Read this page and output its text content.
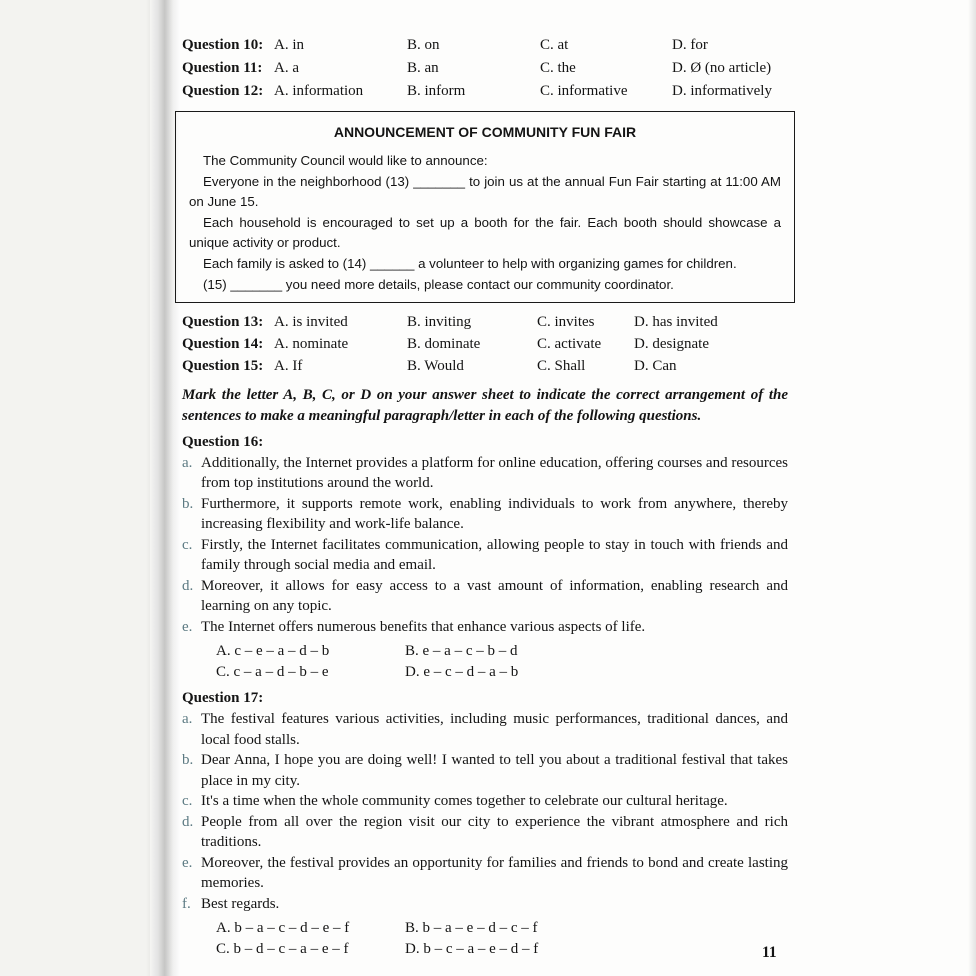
Question 10: A. in	B. on	C. at	D. for
Question 11: A. a	B. an	C. the	D. Ø (no article)
Question 12: A. information	B. inform	C. informative	D. informatively
ANNOUNCEMENT OF COMMUNITY FUN FAIR

The Community Council would like to announce:

Everyone in the neighborhood (13) _______ to join us at the annual Fun Fair starting at 11:00 AM on June 15.

Each household is encouraged to set up a booth for the fair. Each booth should showcase a unique activity or product.

Each family is asked to (14) ______ a volunteer to help with organizing games for children.

(15) _______ you need more details, please contact our community coordinator.

Question 13: A. is invited	B. inviting	C. invites	D. has invited
Question 14: A. nominate	B. dominate	C. activate	D. designate
Question 15: A. If	B. Would	C. Shall	D. Can
Mark the letter A, B, C, or D on your answer sheet to indicate the correct arrangement of the sentences to make a meaningful paragraph/letter in each of the following questions.
Question 16:
a. Additionally, the Internet provides a platform for online education, offering courses and resources from top institutions around the world.
b. Furthermore, it supports remote work, enabling individuals to work from anywhere, thereby increasing flexibility and work-life balance.
c. Firstly, the Internet facilitates communication, allowing people to stay in touch with friends and family through social media and email.
d. Moreover, it allows for easy access to a vast amount of information, enabling research and learning on any topic.
e. The Internet offers numerous benefits that enhance various aspects of life.
A. c – e – a – d – b	B. e – a – c – b – d
C. c – a – d – b – e	D. e – c – d – a – b
Question 17:
a. The festival features various activities, including music performances, traditional dances, and local food stalls.
b. Dear Anna, I hope you are doing well! I wanted to tell you about a traditional festival that takes place in my city.
c. It's a time when the whole community comes together to celebrate our cultural heritage.
d. People from all over the region visit our city to experience the vibrant atmosphere and rich traditions.
e. Moreover, the festival provides an opportunity for families and friends to bond and create lasting memories.
f. Best regards.
A. b – a – c – d – e – f	B. b – a – e – d – c – f
C. b – d – c – a – e – f	D. b – c – a – e – d – f	11
